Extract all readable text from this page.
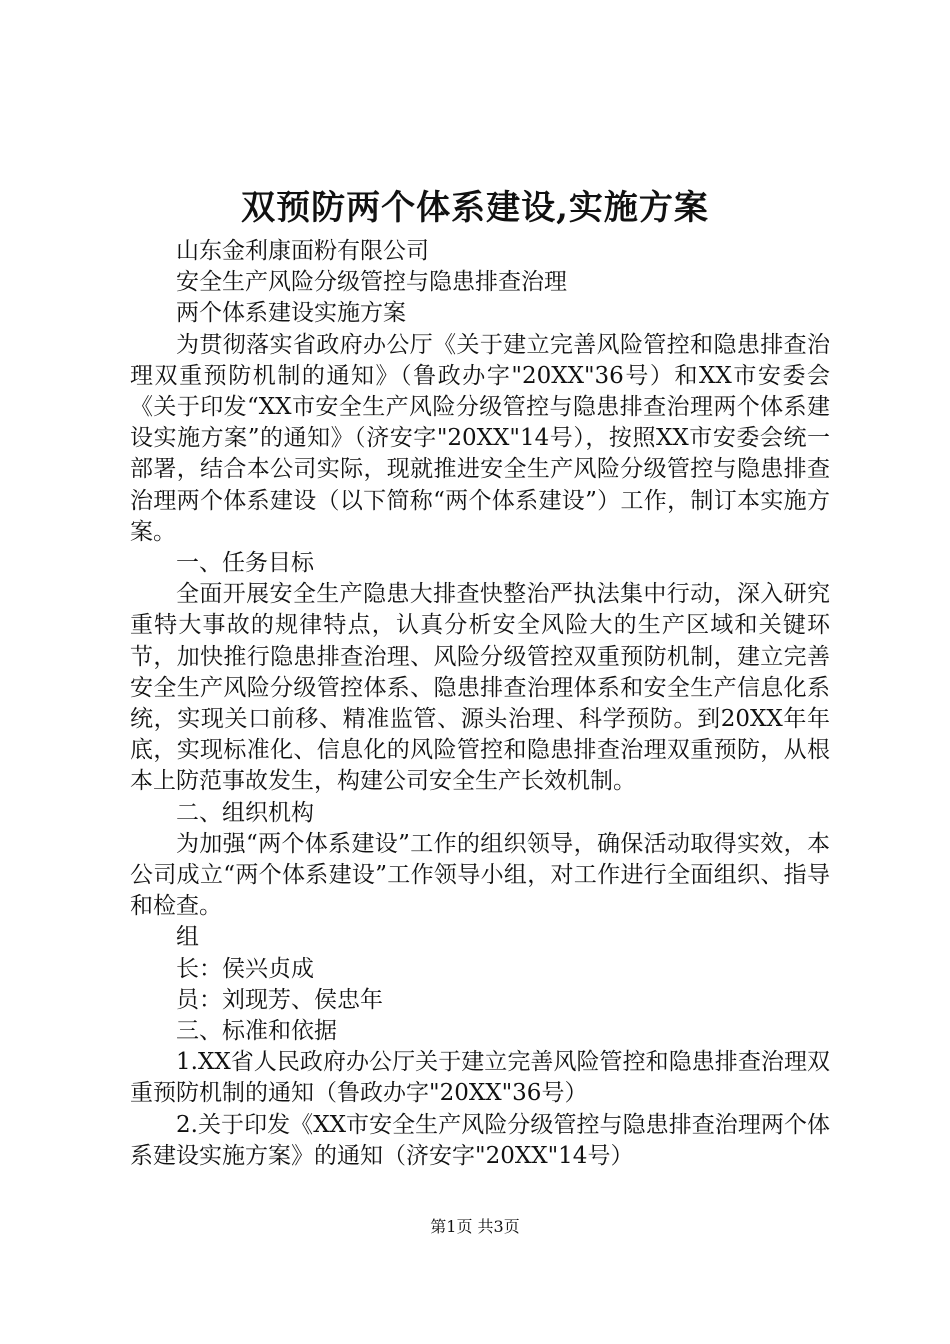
双预防两个体系建设,实施方案

山东金利康面粉有限公司

安全生产风险分级管控与隐患排查治理

两个体系建设实施方案

为贯彻落实省政府办公厅《关于建立完善风险管控和隐患排查治理双重预防机制的通知》（鲁政办字"20XX"36号）和XX市安委会《关于印发“XX市安全生产风险分级管控与隐患排查治理两个体系建设实施方案”的通知》（济安字"20XX"14号），按照XX市安委会统一部署，结合本公司实际，现就推进安全生产风险分级管控与隐患排查治理两个体系建设（以下简称“两个体系建设”）工作，制订本实施方案。

一、任务目标

全面开展安全生产隐患大排查快整治严执法集中行动，深入研究重特大事故的规律特点，认真分析安全风险大的生产区域和关键环节，加快推行隐患排查治理、风险分级管控双重预防机制，建立完善安全生产风险分级管控体系、隐患排查治理体系和安全生产信息化系统，实现关口前移、精准监管、源头治理、科学预防。到20XX年年底，实现标准化、信息化的风险管控和隐患排查治理双重预防，从根本上防范事故发生，构建公司安全生产长效机制。

二、组织机构

为加强“两个体系建设”工作的组织领导，确保活动取得实效，本公司成立“两个体系建设”工作领导小组，对工作进行全面组织、指导和检查。

组

长：侯兴贞成

员：刘现芳、侯忠年

三、标准和依据

1.XX省人民政府办公厅关于建立完善风险管控和隐患排查治理双重预防机制的通知（鲁政办字"20XX"36号）

2.关于印发《XX市安全生产风险分级管控与隐患排查治理两个体系建设实施方案》的通知（济安字"20XX"14号）

第1页 共3页
